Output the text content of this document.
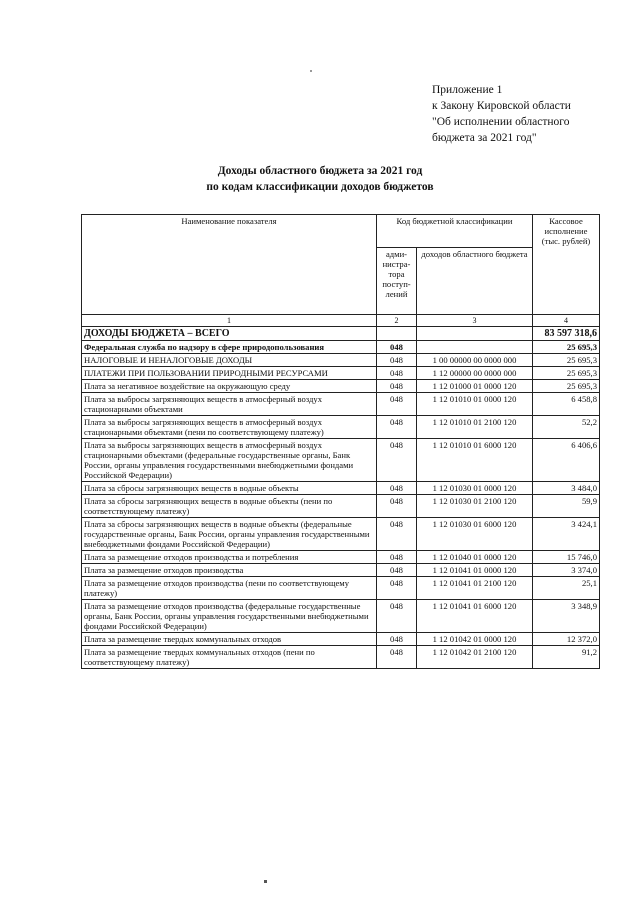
Приложение 1
к Закону Кировской области
"Об исполнении областного
бюджета за 2021 год"
Доходы областного бюджета за 2021 год
по кодам классификации доходов бюджетов
Наименование показателя	Код бюджетной классификации		Кассовое исполнение (тыс. рублей)
	адми-нистра-тора поступ-лений	доходов областного бюджета	
1	2	3	4
ДОХОДЫ БЮДЖЕТА – ВСЕГО			83 597 318,6
Федеральная служба по надзору в сфере природопользования	048		25 695,3
НАЛОГОВЫЕ И НЕНАЛОГОВЫЕ ДОХОДЫ	048	1 00 00000 00 0000 000	25 695,3
ПЛАТЕЖИ ПРИ ПОЛЬЗОВАНИИ ПРИРОДНЫМИ РЕСУРСАМИ	048	1 12 00000 00 0000 000	25 695,3
Плата за негативное воздействие на окружающую среду	048	1 12 01000 01 0000 120	25 695,3
Плата за выбросы загрязняющих веществ в атмосферный воздух стационарными объектами	048	1 12 01010 01 0000 120	6 458,8
Плата за выбросы загрязняющих веществ в атмосферный воздух стационарными объектами (пени по соответствующему платежу)	048	1 12 01010 01 2100 120	52,2
Плата за выбросы загрязняющих веществ в атмосферный воздух стационарными объектами (федеральные государственные органы, Банк России, органы управления государственными внебюджетными фондами Российской Федерации)	048	1 12 01010 01 6000 120	6 406,6
Плата за сбросы загрязняющих веществ в водные объекты	048	1 12 01030 01 0000 120	3 484,0
Плата за сбросы загрязняющих веществ в водные объекты (пени по соответствующему платежу)	048	1 12 01030 01 2100 120	59,9
Плата за сбросы загрязняющих веществ в водные объекты (федеральные государственные органы, Банк России, органы управления государственными внебюджетными фондами Российской Федерации)	048	1 12 01030 01 6000 120	3 424,1
Плата за размещение отходов производства и потребления	048	1 12 01040 01 0000 120	15 746,0
Плата за размещение отходов производства	048	1 12 01041 01 0000 120	3 374,0
Плата за размещение отходов производства (пени по соответствующему платежу)	048	1 12 01041 01 2100 120	25,1
Плата за размещение отходов производства (федеральные государственные органы, Банк России, органы управления государственными внебюджетными фондами Российской Федерации)	048	1 12 01041 01 6000 120	3 348,9
Плата за размещение твердых коммунальных отходов	048	1 12 01042 01 0000 120	12 372,0
Плата за размещение твердых коммунальных отходов (пени по соответствующему платежу)	048	1 12 01042 01 2100 120	91,2
